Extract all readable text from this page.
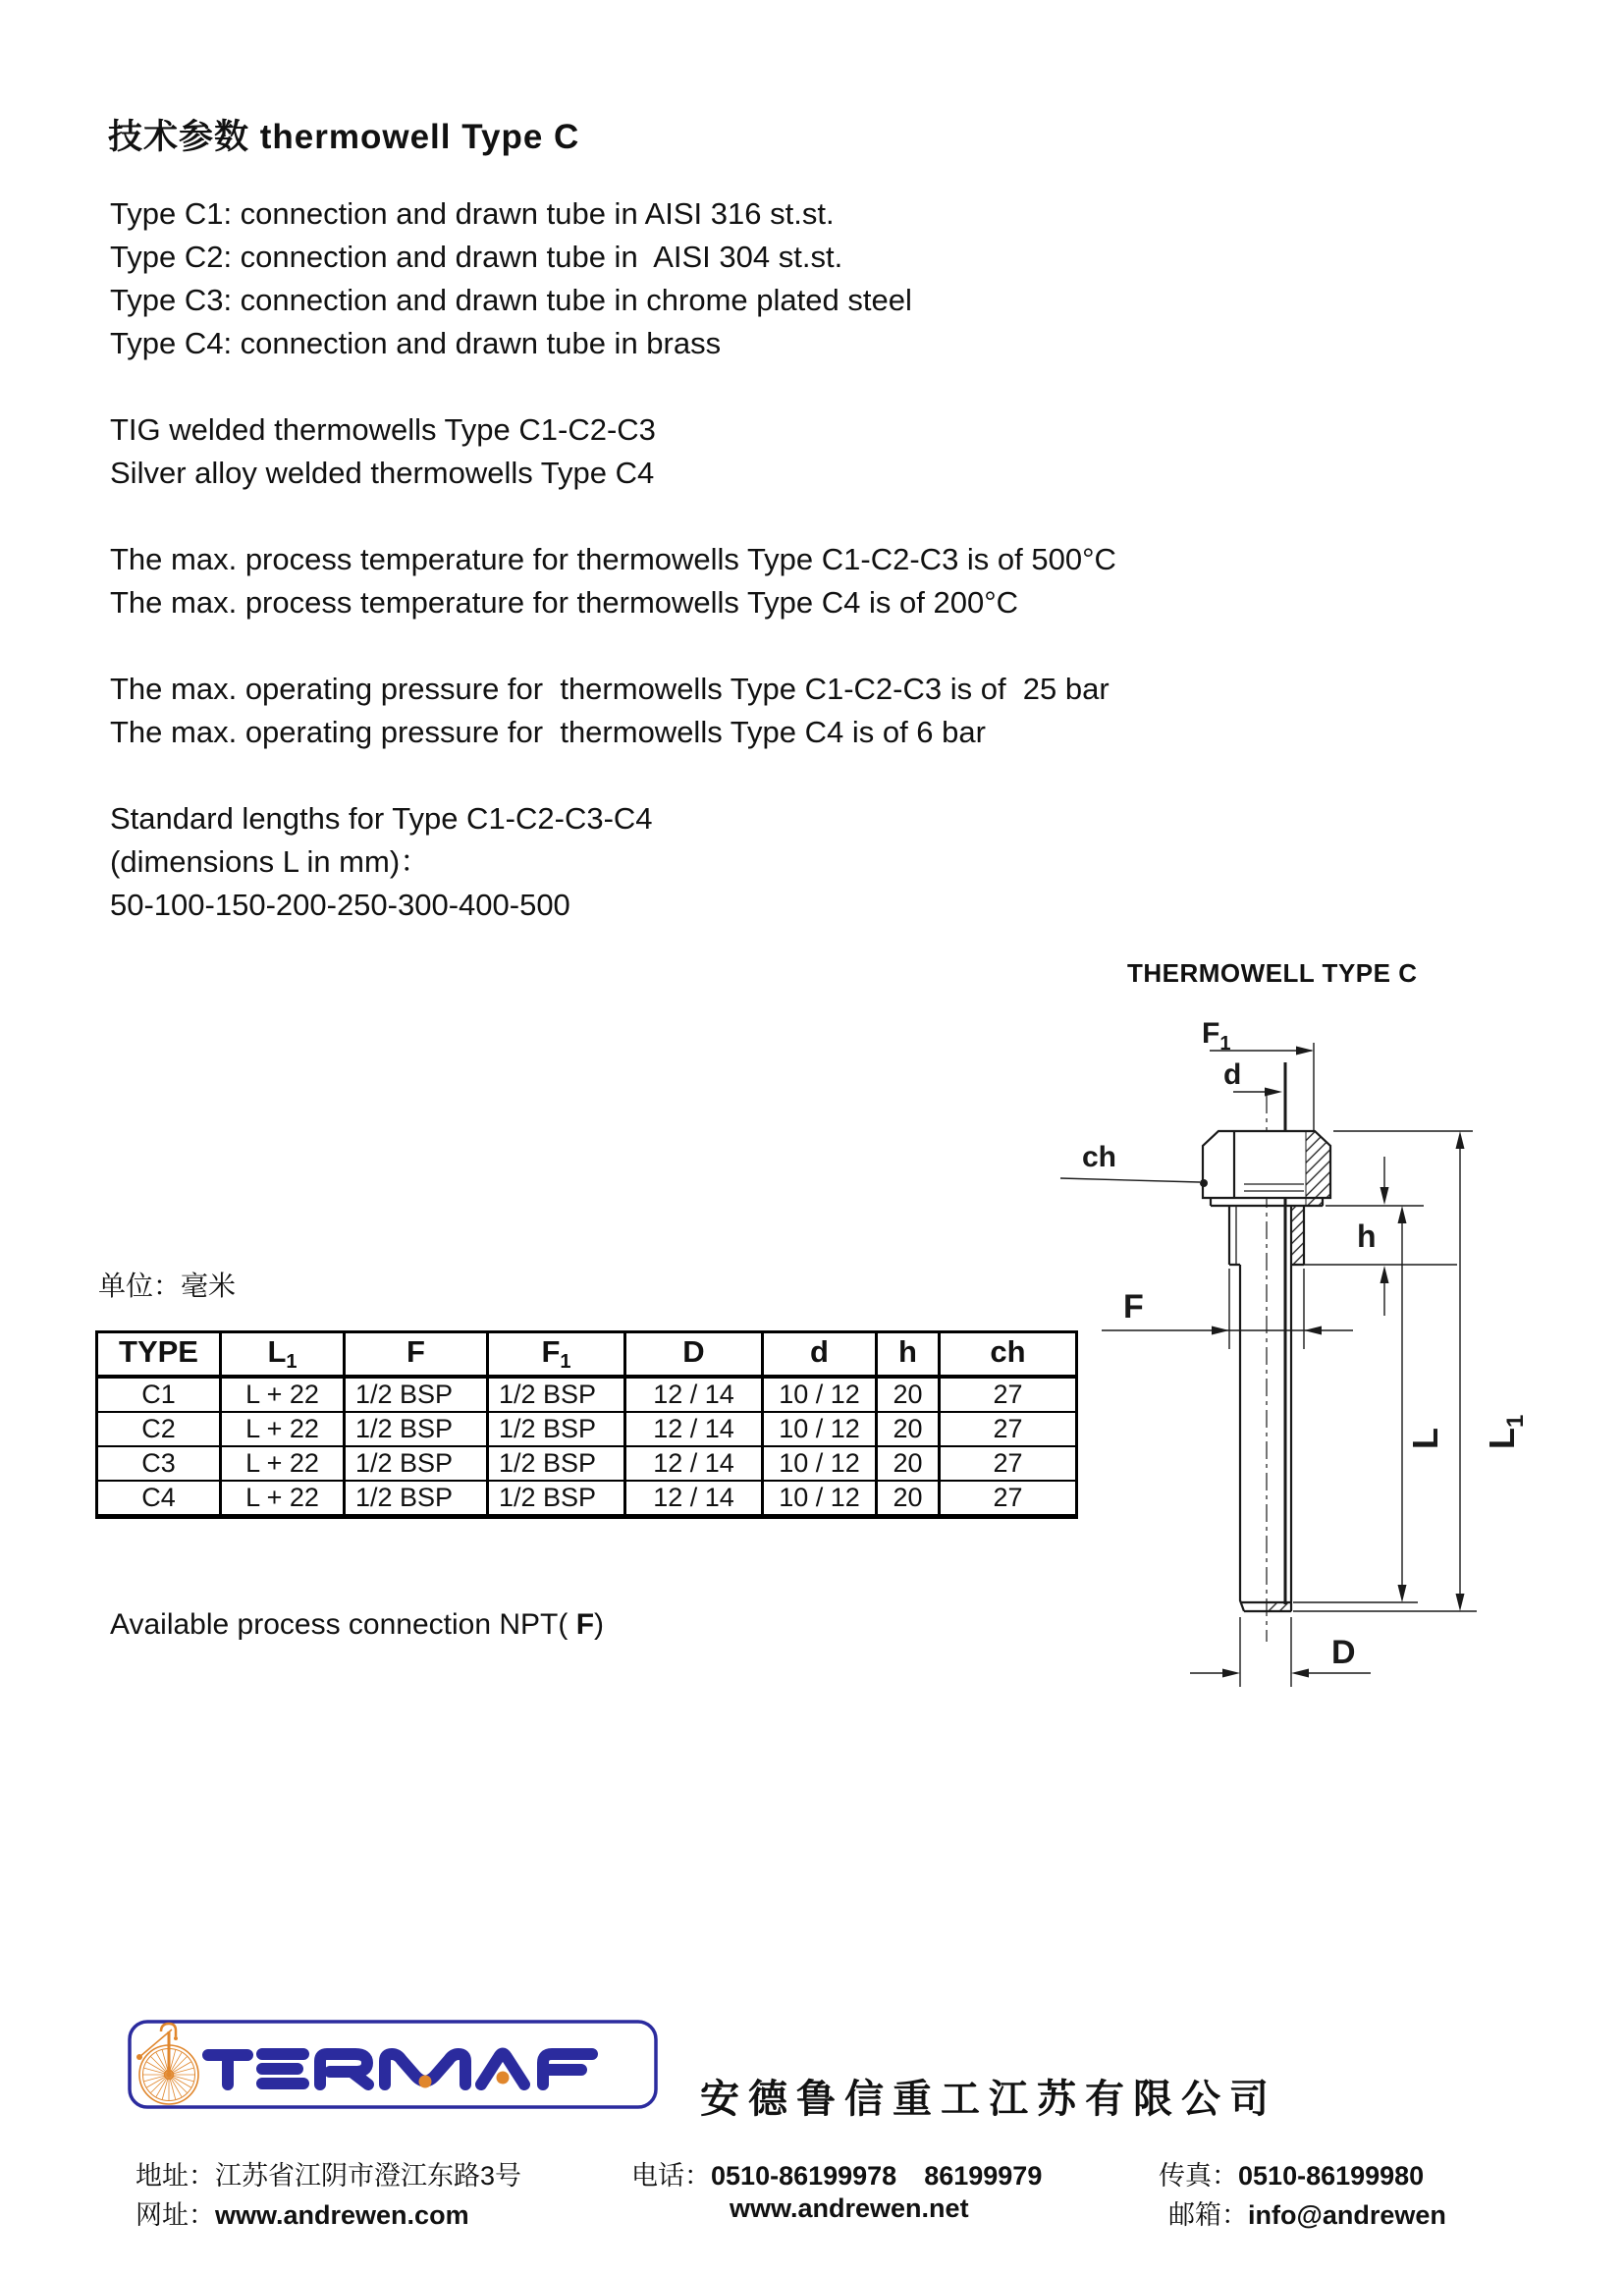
技术参数 thermowell Type C
Type C1: connection and drawn tube in AISI 316 st.st.
Type C2: connection and drawn tube in  AISI 304 st.st.
Type C3: connection and drawn tube in chrome plated steel
Type C4: connection and drawn tube in brass
TIG welded thermowells Type C1-C2-C3
Silver alloy welded thermowells Type C4
The max. process temperature for thermowells Type C1-C2-C3 is of 500°C
The max. process temperature for thermowells Type C4 is of 200°C
The max. operating pressure for  thermowells Type C1-C2-C3 is of  25 bar
The max. operating pressure for  thermowells Type C4 is of 6 bar
Standard lengths for Type C1-C2-C3-C4
(dimensions L in mm)：
50-100-150-200-250-300-400-500
THERMOWELL TYPE C
$F_1$
d
ch
h
F
L $L_1$
D
单位：毫米
TYPE	$L_1$	F	$F_1$	D	d	h	ch
C1	L + 22	1/2 BSP	1/2 BSP	12 / 14	10 / 12	20	27
C2	L + 22	1/2 BSP	1/2 BSP	12 / 14	10 / 12	20	27
C3	L + 22	1/2 BSP	1/2 BSP	12 / 14	10 / 12	20	27
C4	L + 22	1/2 BSP	1/2 BSP	12 / 14	10 / 12	20	27
Available process connection NPT( F)
安德鲁信重工江苏有限公司

地址：江苏省江阴市澄江东路3号
	电话：0510-86199978 86199979
	传真：0510-86199980

网址：www.andrewen.com
	www.andrewen.net
	邮箱：info@andrewen
